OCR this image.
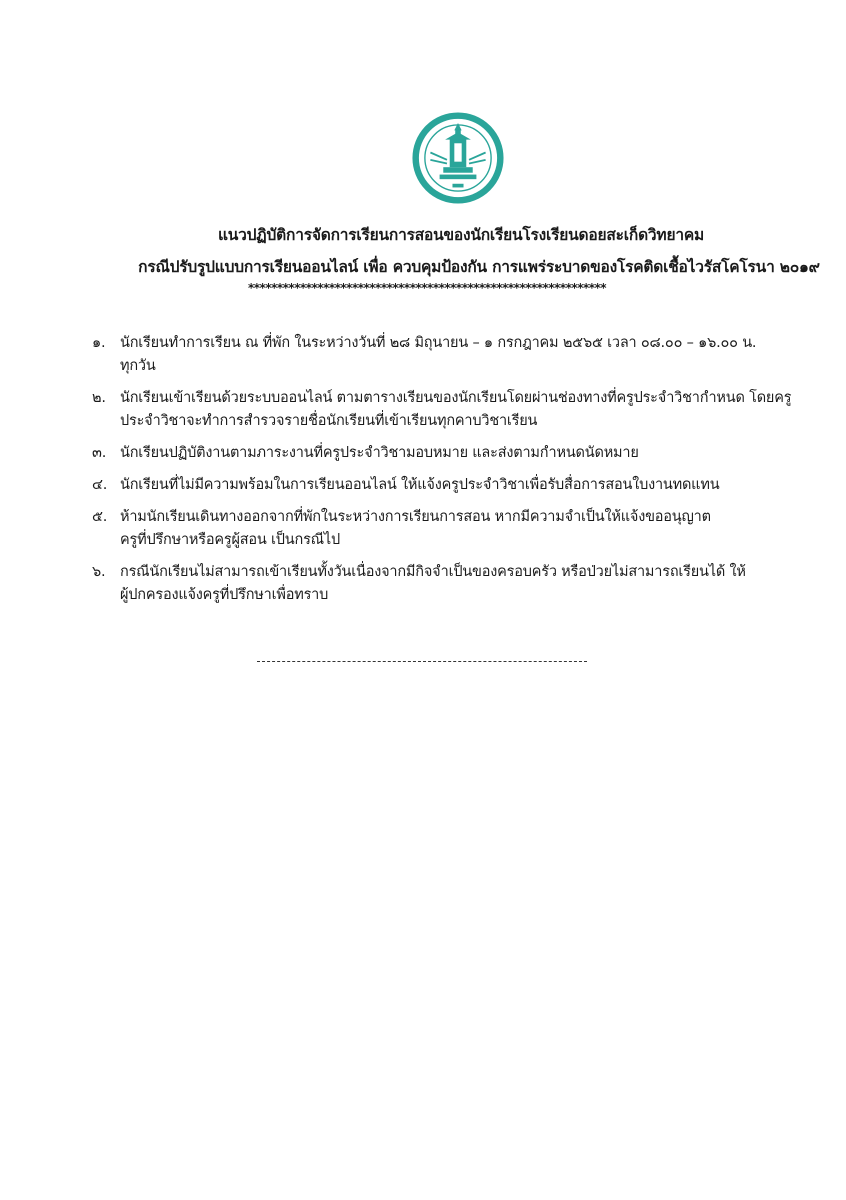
แนวปฏิบัติการจัดการเรียนการสอนของนักเรียนโรงเรียนดอยสะเก็ดวิทยาคม
กรณีปรับรูปแบบการเรียนออนไลน์ เพื่อ ควบคุมป้องกัน การแพร่ระบาดของโรคติดเชื้อไวรัสโคโรนา ๒๐๑๙
**************************************************************
๑.	นักเรียนทำการเรียน ณ ที่พัก ในระหว่างวันที่ ๒๘ มิถุนายน – ๑ กรกฎาคม ๒๕๖๕ เวลา ๐๘.๐๐ – ๑๖.๐๐ น.
ทุกวัน
๒. นักเรียนเข้าเรียนด้วยระบบออนไลน์ ตามตารางเรียนของนักเรียนโดยผ่านช่องทางที่ครูประจำวิชากำหนด โดยครู
ประจำวิชาจะทำการสำรวจรายชื่อนักเรียนที่เข้าเรียนทุกคาบวิชาเรียน
๓. นักเรียนปฏิบัติงานตามภาระงานที่ครูประจำวิชามอบหมาย และส่งตามกำหนดนัดหมาย
๔. นักเรียนที่ไม่มีความพร้อมในการเรียนออนไลน์ ให้แจ้งครูประจำวิชาเพื่อรับสื่อการสอนใบงานทดแทน
๕. ห้ามนักเรียนเดินทางออกจากที่พักในระหว่างการเรียนการสอน หากมีความจำเป็นให้แจ้งขออนุญาต
ครูที่ปรึกษาหรือครูผู้สอน เป็นกรณีไป
๖.	กรณีนักเรียนไม่สามารถเข้าเรียนทั้งวันเนื่องจากมีกิจจำเป็นของครอบครัว หรือป่วยไม่สามารถเรียนได้ ให้
ผู้ปกครองแจ้งครูที่ปรึกษาเพื่อทราบ
